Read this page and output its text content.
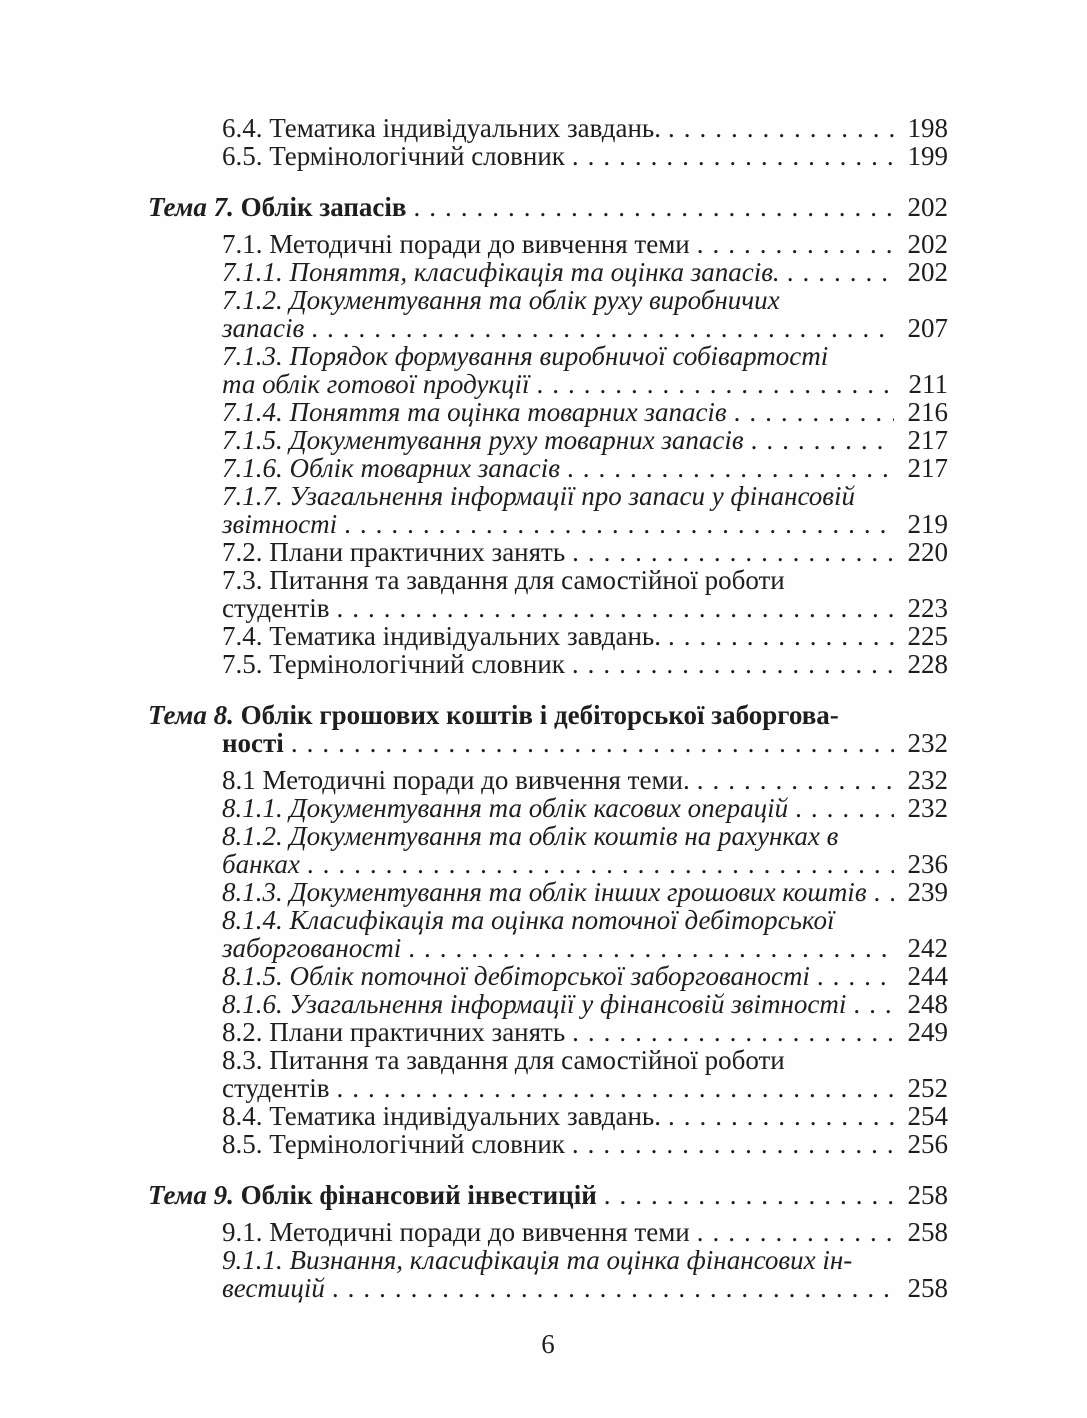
6.4. Тематика індивідуальних завдань. .....	198
6.5. Термінологічний словник .....	199
Тема 7. Облік запасів .....	202
7.1. Методичні поради до вивчення теми .....	202
7.1.1. Поняття, класифікація та оцінка запасів. .....	202
7.1.2. Документування та облік руху виробничих
запасів .....	207
7.1.3. Порядок формування виробничої собівартості
та облік готової продукції .....	211
7.1.4. Поняття та оцінка товарних запасів .....	216
7.1.5. Документування руху товарних запасів .....	217
7.1.6. Облік товарних запасів .....	217
7.1.7. Узагальнення інформації про запаси у фінансовій
звітності .....	219
7.2. Плани практичних занять .....	220
7.3. Питання та завдання для самостійної роботи
студентів .....	223
7.4. Тематика індивідуальних завдань. .....	225
7.5. Термінологічний словник .....	228
Тема 8. Облік грошових коштів і дебіторської заборгова-
ності .....	232
8.1 Методичні поради до вивчення теми. .....	232
8.1.1. Документування та облік касових операцій .....	232
8.1.2. Документування та облік коштів на рахунках в
банках .....	236
8.1.3. Документування та облік інших грошових коштів ..... 239
8.1.4. Класифікація та оцінка поточної дебіторської
заборгованості .....	242
8.1.5. Облік поточної дебіторської заборгованості .....	244
8.1.6. Узагальнення інформації у фінансовій звітності ..... 248
8.2. Плани практичних занять .....	249
8.3. Питання та завдання для самостійної роботи
студентів .....	252
8.4. Тематика індивідуальних завдань. .....	254
8.5. Термінологічний словник .....	256
Тема 9. Облік фінансовий інвестицій .....	258
9.1. Методичні поради до вивчення теми .....	258
9.1.1. Визнання, класифікація та оцінка фінансових ін-
вестицій .....	258
6
